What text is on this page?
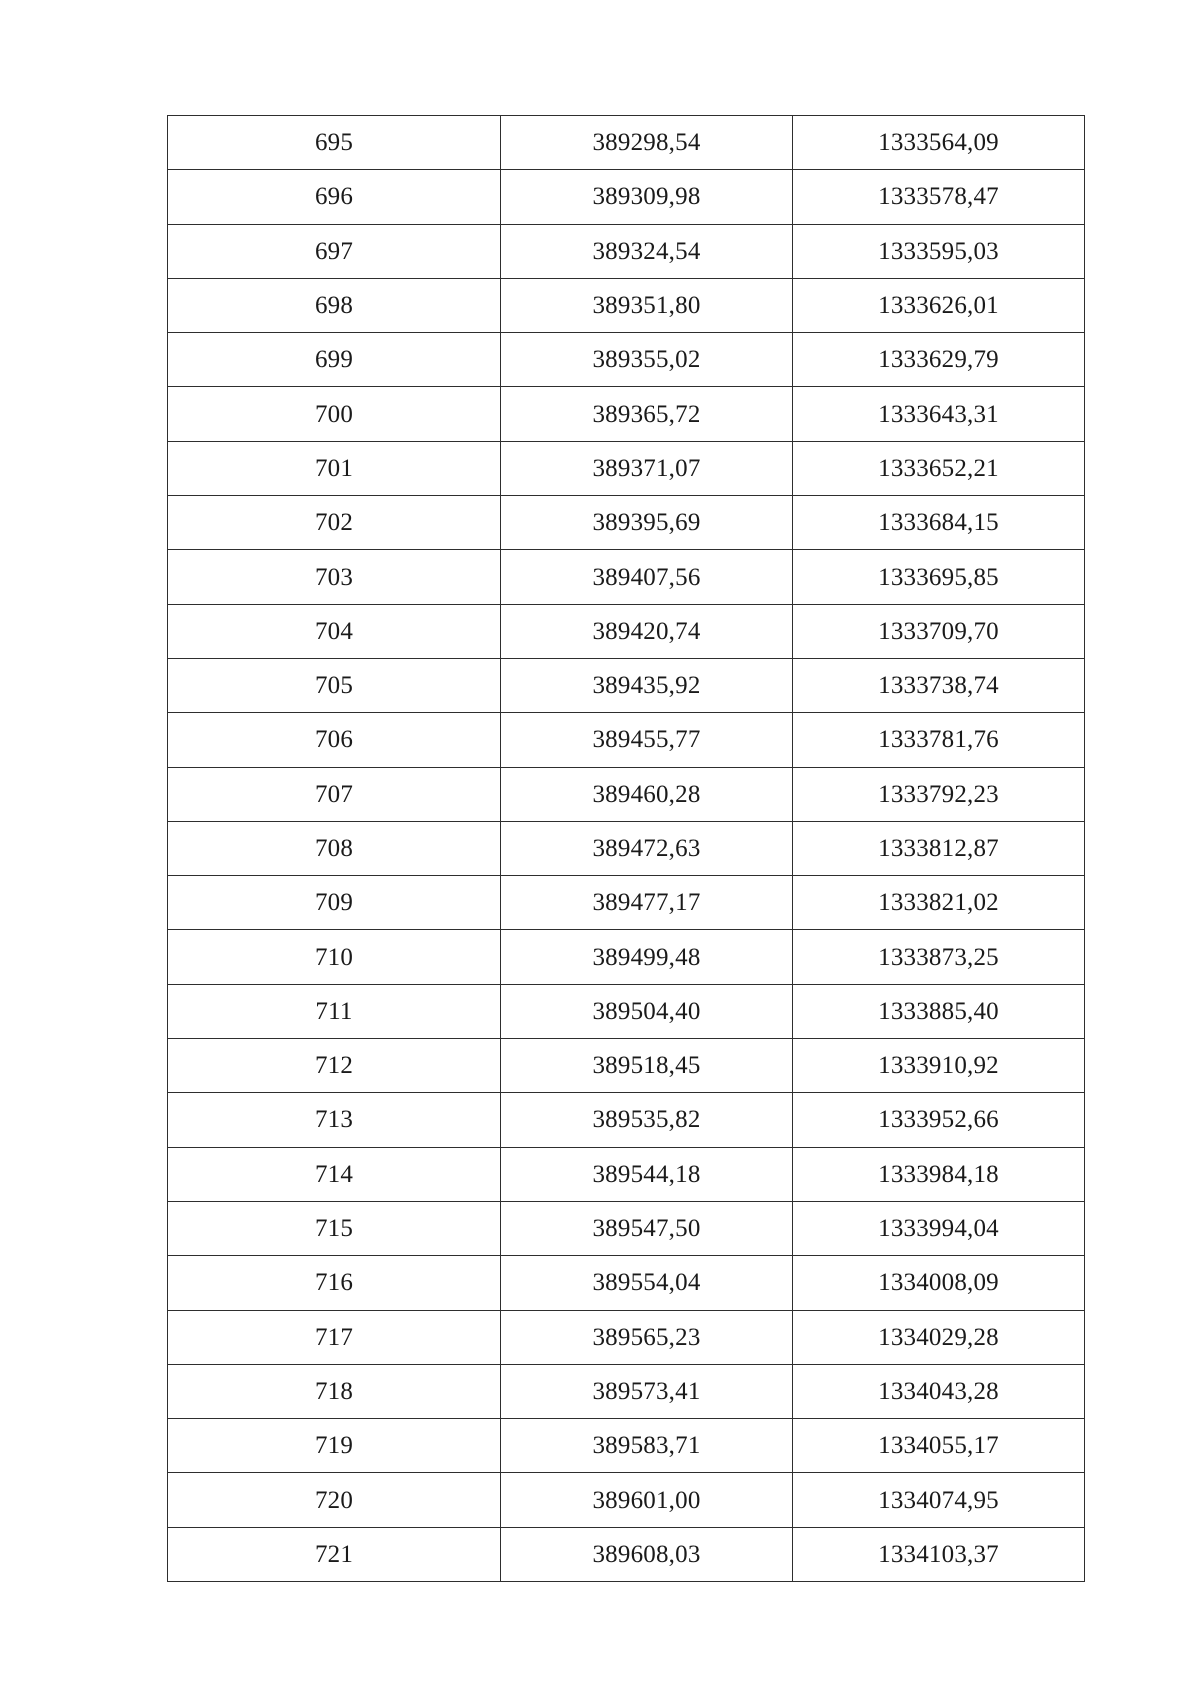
695	389298,54	1333564,09
696	389309,98	1333578,47
697	389324,54	1333595,03
698	389351,80	1333626,01
699	389355,02	1333629,79
700	389365,72	1333643,31
701	389371,07	1333652,21
702	389395,69	1333684,15
703	389407,56	1333695,85
704	389420,74	1333709,70
705	389435,92	1333738,74
706	389455,77	1333781,76
707	389460,28	1333792,23
708	389472,63	1333812,87
709	389477,17	1333821,02
710	389499,48	1333873,25
711	389504,40	1333885,40
712	389518,45	1333910,92
713	389535,82	1333952,66
714	389544,18	1333984,18
715	389547,50	1333994,04
716	389554,04	1334008,09
717	389565,23	1334029,28
718	389573,41	1334043,28
719	389583,71	1334055,17
720	389601,00	1334074,95
721	389608,03	1334103,37
